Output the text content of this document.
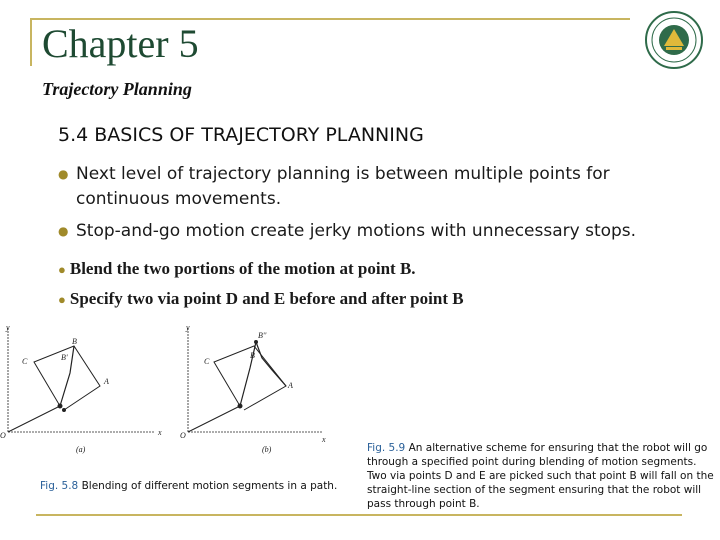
Chapter 5
Trajectory Planning
5.4 BASICS OF TRAJECTORY PLANNING
● Next level of trajectory planning is between multiple points for continuous movements.
● Stop-and-go motion create jerky motions with unnecessary stops.
● Blend the two portions of the motion at point B.
● Specify two via point D and E before and after point B
y
B
C	B'
A
O	x
(a)
y
B''
C
B
A
O	x
(b)
Fig. 5.8 Blending of different motion segments in a path.
Fig. 5.9 An alternative scheme for ensuring that the robot will go through a specified point during blending of motion segments. Two via points D and E are picked such that point B will fall on the straight-line section of the segment ensuring that the robot will pass through point B.
